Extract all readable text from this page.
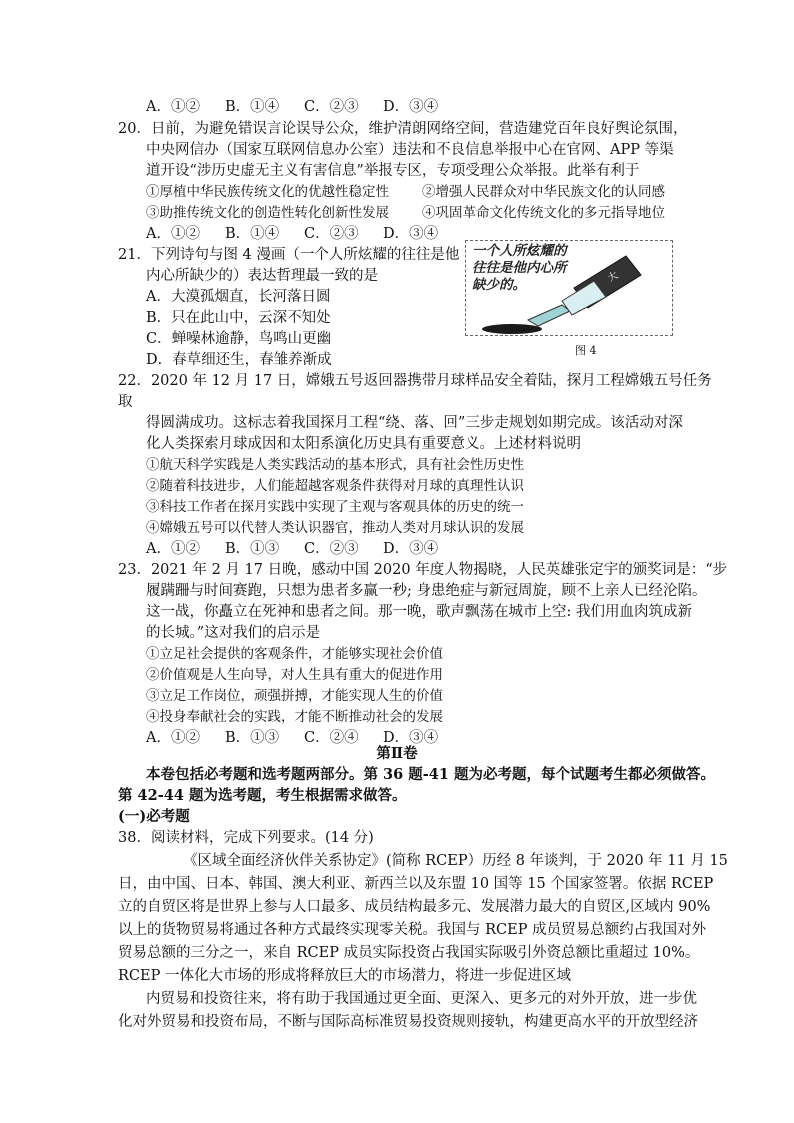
A．①② B．①④ C．②③ D．③④
20．日前，为避免错误言论误导公众，维护清朗网络空间，营造建党百年良好舆论氛围，
中央网信办（国家互联网信息办公室）违法和不良信息举报中心在官网、APP 等渠
道开设“涉历史虚无主义有害信息”举报专区，专项受理公众举报。此举有利于
①厚植中华民族传统文化的优越性稳定性 ②增强人民群众对中华民族文化的认同感
③助推传统文化的创造性转化创新性发展 ④巩固革命文化传统文化的多元指导地位
A．①② B．①④ C．②③ D．③④
21．下列诗句与图 4 漫画（一个人所炫耀的往往是他
内心所缺少的）表达哲理最一致的是
A．大漠孤烟直，长河落日圆
B．只在此山中，云深不知处
C．蝉噪林逾静，鸟鸣山更幽
D．春草细还生，春雏养渐成
大
一个人所炫耀的
往往是他内心所
缺少的。
图 4
22．2020 年 12 月 17 日，嫦娥五号返回器携带月球样品安全着陆，探月工程嫦娥五号任务
取
得圆满成功。这标志着我国探月工程“绕、落、回”三步走规划如期完成。该活动对深
化人类探索月球成因和太阳系演化历史具有重要意义。上述材料说明
①航天科学实践是人类实践活动的基本形式，具有社会性历史性
②随着科技进步，人们能超越客观条件获得对月球的真理性认识
③科技工作者在探月实践中实现了主观与客观具体的历史的统一
④嫦娥五号可以代替人类认识器官，推动人类对月球认识的发展
A．①② B．①③ C．②③ D．③④
23．2021 年 2 月 17 日晚，感动中国 2020 年度人物揭晓，人民英雄张定宇的颁奖词是：“步
履蹒跚与时间赛跑，只想为患者多赢一秒; 身患绝症与新冠周旋，顾不上亲人已经沦陷。
这一战，你矗立在死神和患者之间。那一晚，歌声飘荡在城市上空: 我们用血肉筑成新
的长城。”这对我们的启示是
①立足社会提供的客观条件，才能够实现社会价值
②价值观是人生向导，对人生具有重大的促进作用
③立足工作岗位，顽强拼搏，才能实现人生的价值
④投身奉献社会的实践，才能不断推动社会的发展
A．①② B．①③ C．②④ D．③④
第Ⅱ卷
本卷包括必考题和选考题两部分。第 36 题-41 题为必考题，每个试题考生都必须做答。
第 42-44 题为选考题，考生根据需求做答。
(一)必考题
38．阅读材料，完成下列要求。(14 分)
《区域全面经济伙伴关系协定》(简称 RCEP）历经 8 年谈判，于 2020 年 11 月 15
日，由中国、日本、韩国、澳大利亚、新西兰以及东盟 10 国等 15 个国家签署。依据 RCEP
立的自贸区将是世界上参与人口最多、成员结构最多元、发展潜力最大的自贸区,区域内 90%
以上的货物贸易将通过各种方式最终实现零关税。我国与 RCEP 成员贸易总额约占我国对外
贸易总额的三分之一，来自 RCEP 成员实际投资占我国实际吸引外资总额比重超过 10%。
RCEP 一体化大市场的形成将释放巨大的市场潜力，将进一步促进区域
内贸易和投资往来，将有助于我国通过更全面、更深入、更多元的对外开放，进一步优
化对外贸易和投资布局，不断与国际高标准贸易投资规则接轨，构建更高水平的开放型经济
